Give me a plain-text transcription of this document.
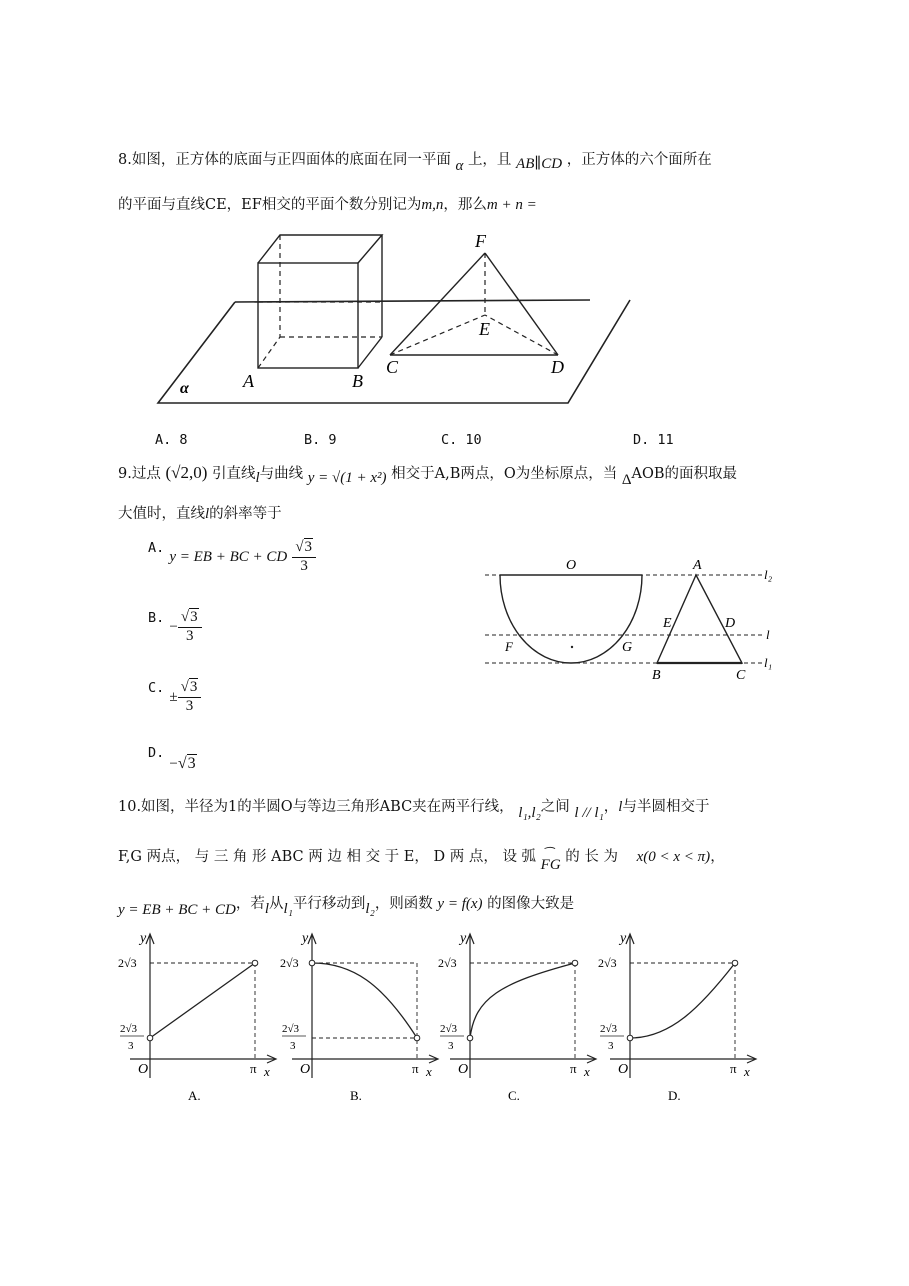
8.如图，正方体的底面与正四面体的底面在同一平面 α 上，且 AB∥CD ，正方体的六个面所在
的平面与直线CE，EF相交的平面个数分别记为m,n，那么m + n =
α	A	B
C	D
E
F
A. 8	B. 9	C. 10	D. 11
9.过点 (√2,0) 引直线l与曲线 y = √(1 + x²) 相交于A,B两点，O为坐标原点，当 ΔAOB的面积取最
大值时，直线l的斜率等于
$^{A.}$ y = EB + BC + CD $\frac{√3}{3}$
$^{B.} - \frac{√3}{3}$
$^{C.} \pm \frac{√3}{3}$
$^{D.}$ −√3
O	A
E	D
F	G
B	C
l₂
l
l₁
10.如图，半径为1的半圆O与等边三角形ABC夹在两平行线， l₁,l₂之间 l // l₁，l与半圆相交于
F,G 两点， 与 三 角 形 ABC 两 边 相 交 于 E， D 两 点， 设 弧 ⁀
FG 的 长 为 x(0 < x < π)，
y = EB + BC + CD，若l从l₁平行移动到l₂，则函数 y = f(x) 的图像大致是
2√3
2√3
3
O	π x
y
A.
2√3
2√3
3
O	π x
y
B.
2√3
2√3
3
O	π x
y
C.
2√3
2√3
3
O	π x
y
D.
